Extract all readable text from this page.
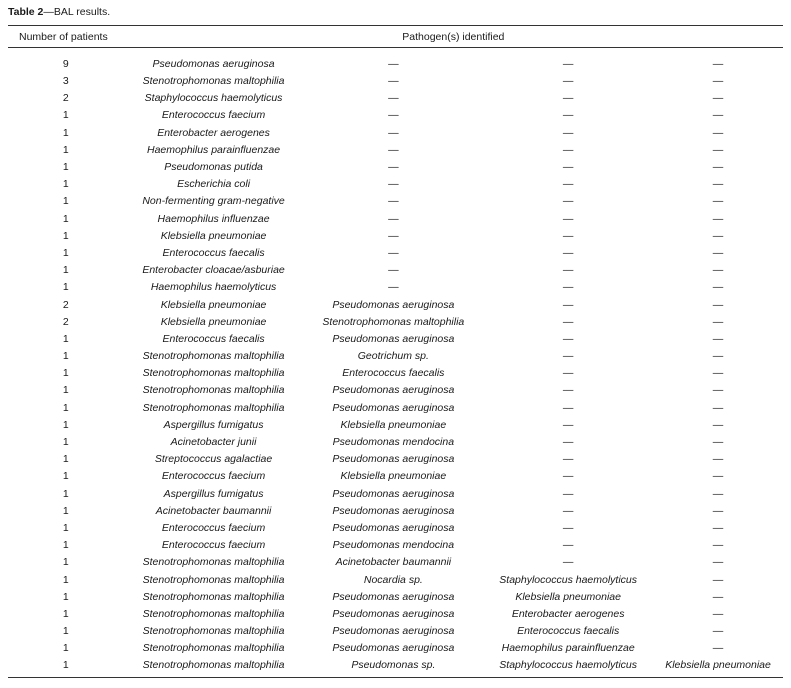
Table 2—BAL results.
Number of patients	Pathogen(s) identified			
9	Pseudomonas aeruginosa	—	—	—
3	Stenotrophomonas maltophilia	—	—	—
2	Staphylococcus haemolyticus	—	—	—
1	Enterococcus faecium	—	—	—
1	Enterobacter aerogenes	—	—	—
1	Haemophilus parainfluenzae	—	—	—
1	Pseudomonas putida	—	—	—
1	Escherichia coli	—	—	—
1	Non-fermenting gram-negative	—	—	—
1	Haemophilus influenzae	—	—	—
1	Klebsiella pneumoniae	—	—	—
1	Enterococcus faecalis	—	—	—
1	Enterobacter cloacae/asburiae	—	—	—
1	Haemophilus haemolyticus	—	—	—
2	Klebsiella pneumoniae	Pseudomonas aeruginosa	—	—
2	Klebsiella pneumoniae	Stenotrophomonas maltophilia	—	—
1	Enterococcus faecalis	Pseudomonas aeruginosa	—	—
1	Stenotrophomonas maltophilia	Geotrichum sp.	—	—
1	Stenotrophomonas maltophilia	Enterococcus faecalis	—	—
1	Stenotrophomonas maltophilia	Pseudomonas aeruginosa	—	—
1	Stenotrophomonas maltophilia	Pseudomonas aeruginosa	—	—
1	Aspergillus fumigatus	Klebsiella pneumoniae	—	—
1	Acinetobacter junii	Pseudomonas mendocina	—	—
1	Streptococcus agalactiae	Pseudomonas aeruginosa	—	—
1	Enterococcus faecium	Klebsiella pneumoniae	—	—
1	Aspergillus fumigatus	Pseudomonas aeruginosa	—	—
1	Acinetobacter baumannii	Pseudomonas aeruginosa	—	—
1	Enterococcus faecium	Pseudomonas aeruginosa	—	—
1	Enterococcus faecium	Pseudomonas mendocina	—	—
1	Stenotrophomonas maltophilia	Acinetobacter baumannii	—	—
1	Stenotrophomonas maltophilia	Nocardia sp.	Staphylococcus haemolyticus	—
1	Stenotrophomonas maltophilia	Pseudomonas aeruginosa	Klebsiella pneumoniae	—
1	Stenotrophomonas maltophilia	Pseudomonas aeruginosa	Enterobacter aerogenes	—
1	Stenotrophomonas maltophilia	Pseudomonas aeruginosa	Enterococcus faecalis	—
1	Stenotrophomonas maltophilia	Pseudomonas aeruginosa	Haemophilus parainfluenzae	—
1	Stenotrophomonas maltophilia	Pseudomonas sp.	Staphylococcus haemolyticus	Klebsiella pneumoniae
